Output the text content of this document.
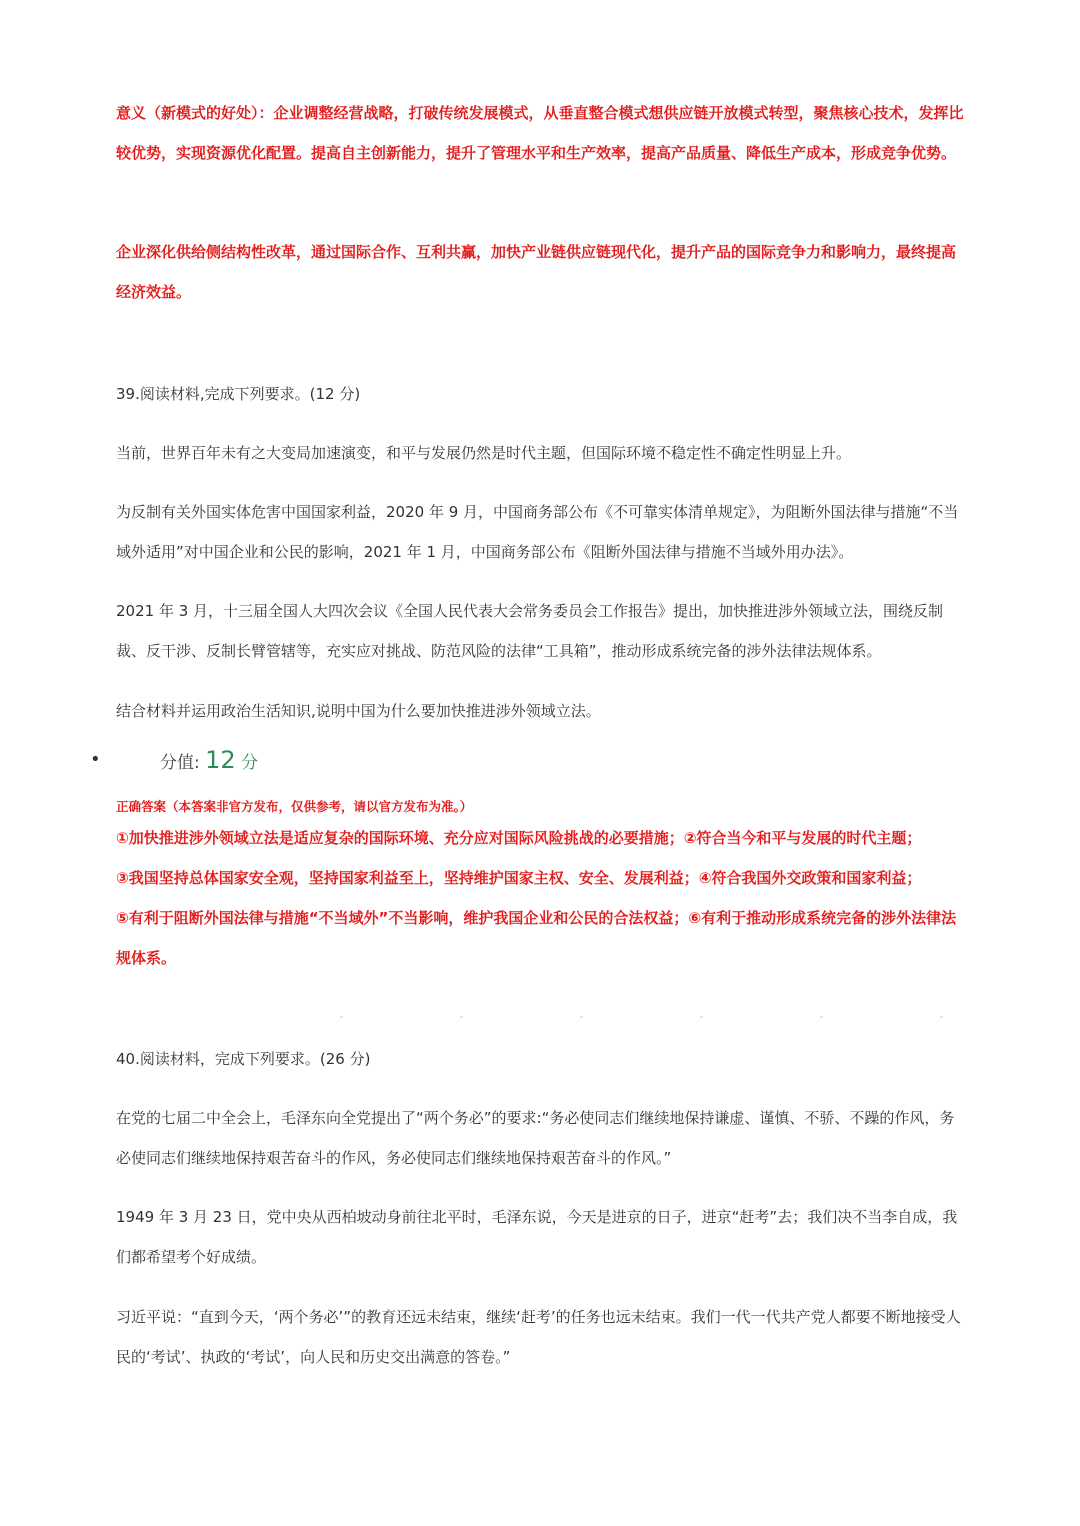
意义（新模式的好处）：企业调整经营战略，打破传统发展模式，从垂直整合模式想供应链开放模式转型，聚焦核心技术，发挥比较优势，实现资源优化配置。提高自主创新能力，提升了管理水平和生产效率，提高产品质量、降低生产成本，形成竞争优势。

企业深化供给侧结构性改革，通过国际合作、互利共赢，加快产业链供应链现代化，提升产品的国际竞争力和影响力，最终提高经济效益。

39.阅读材料,完成下列要求。(12 分)

当前，世界百年未有之大变局加速演变，和平与发展仍然是时代主题，但国际环境不稳定性不确定性明显上升。

为反制有关外国实体危害中国国家利益，2020 年 9 月，中国商务部公布《不可靠实体清单规定》，为阻断外国法律与措施“不当域外适用”对中国企业和公民的影响，2021 年 1 月，中国商务部公布《阻断外国法律与措施不当域外用办法》。

2021 年 3 月，十三届全国人大四次会议《全国人民代表大会常务委员会工作报告》提出，加快推进涉外领域立法，围绕反制裁、反干涉、反制长臂管辖等，充实应对挑战、防范风险的法律“工具箱”，推动形成系统完备的涉外法律法规体系。

结合材料并运用政治生活知识,说明中国为什么要加快推进涉外领域立法。

•	分值: 12 分

正确答案（本答案非官方发布，仅供参考，请以官方发布为准。）

①加快推进涉外领域立法是适应复杂的国际环境、充分应对国际风险挑战的必要措施；②符合当今和平与发展的时代主题；

③我国坚持总体国家安全观，坚持国家利益至上，坚持维护国家主权、安全、发展利益；④符合我国外交政策和国家利益；

⑤有利于阻断外国法律与措施“不当域外”不当影响，维护我国企业和公民的合法权益；⑥有利于推动形成系统完备的涉外法律法规体系。

40.阅读材料，完成下列要求。(26 分)

在党的七届二中全会上，毛泽东向全党提出了“两个务必”的要求:“务必使同志们继续地保持谦虚、谨慎、不骄、不躁的作风，务必使同志们继续地保持艰苦奋斗的作风，务必使同志们继续地保持艰苦奋斗的作风。”

1949 年 3 月 23 日，党中央从西柏坡动身前往北平时，毛泽东说，今天是进京的日子，进京“赶考”去；我们决不当李自成，我们都希望考个好成绩。

习近平说：“直到今天，‘两个务必’”的教育还远未结束，继续‘赶考’的任务也远未结束。我们一代一代共产党人都要不断地接受人民的‘考试’、执政的‘考试’，向人民和历史交出满意的答卷。”
